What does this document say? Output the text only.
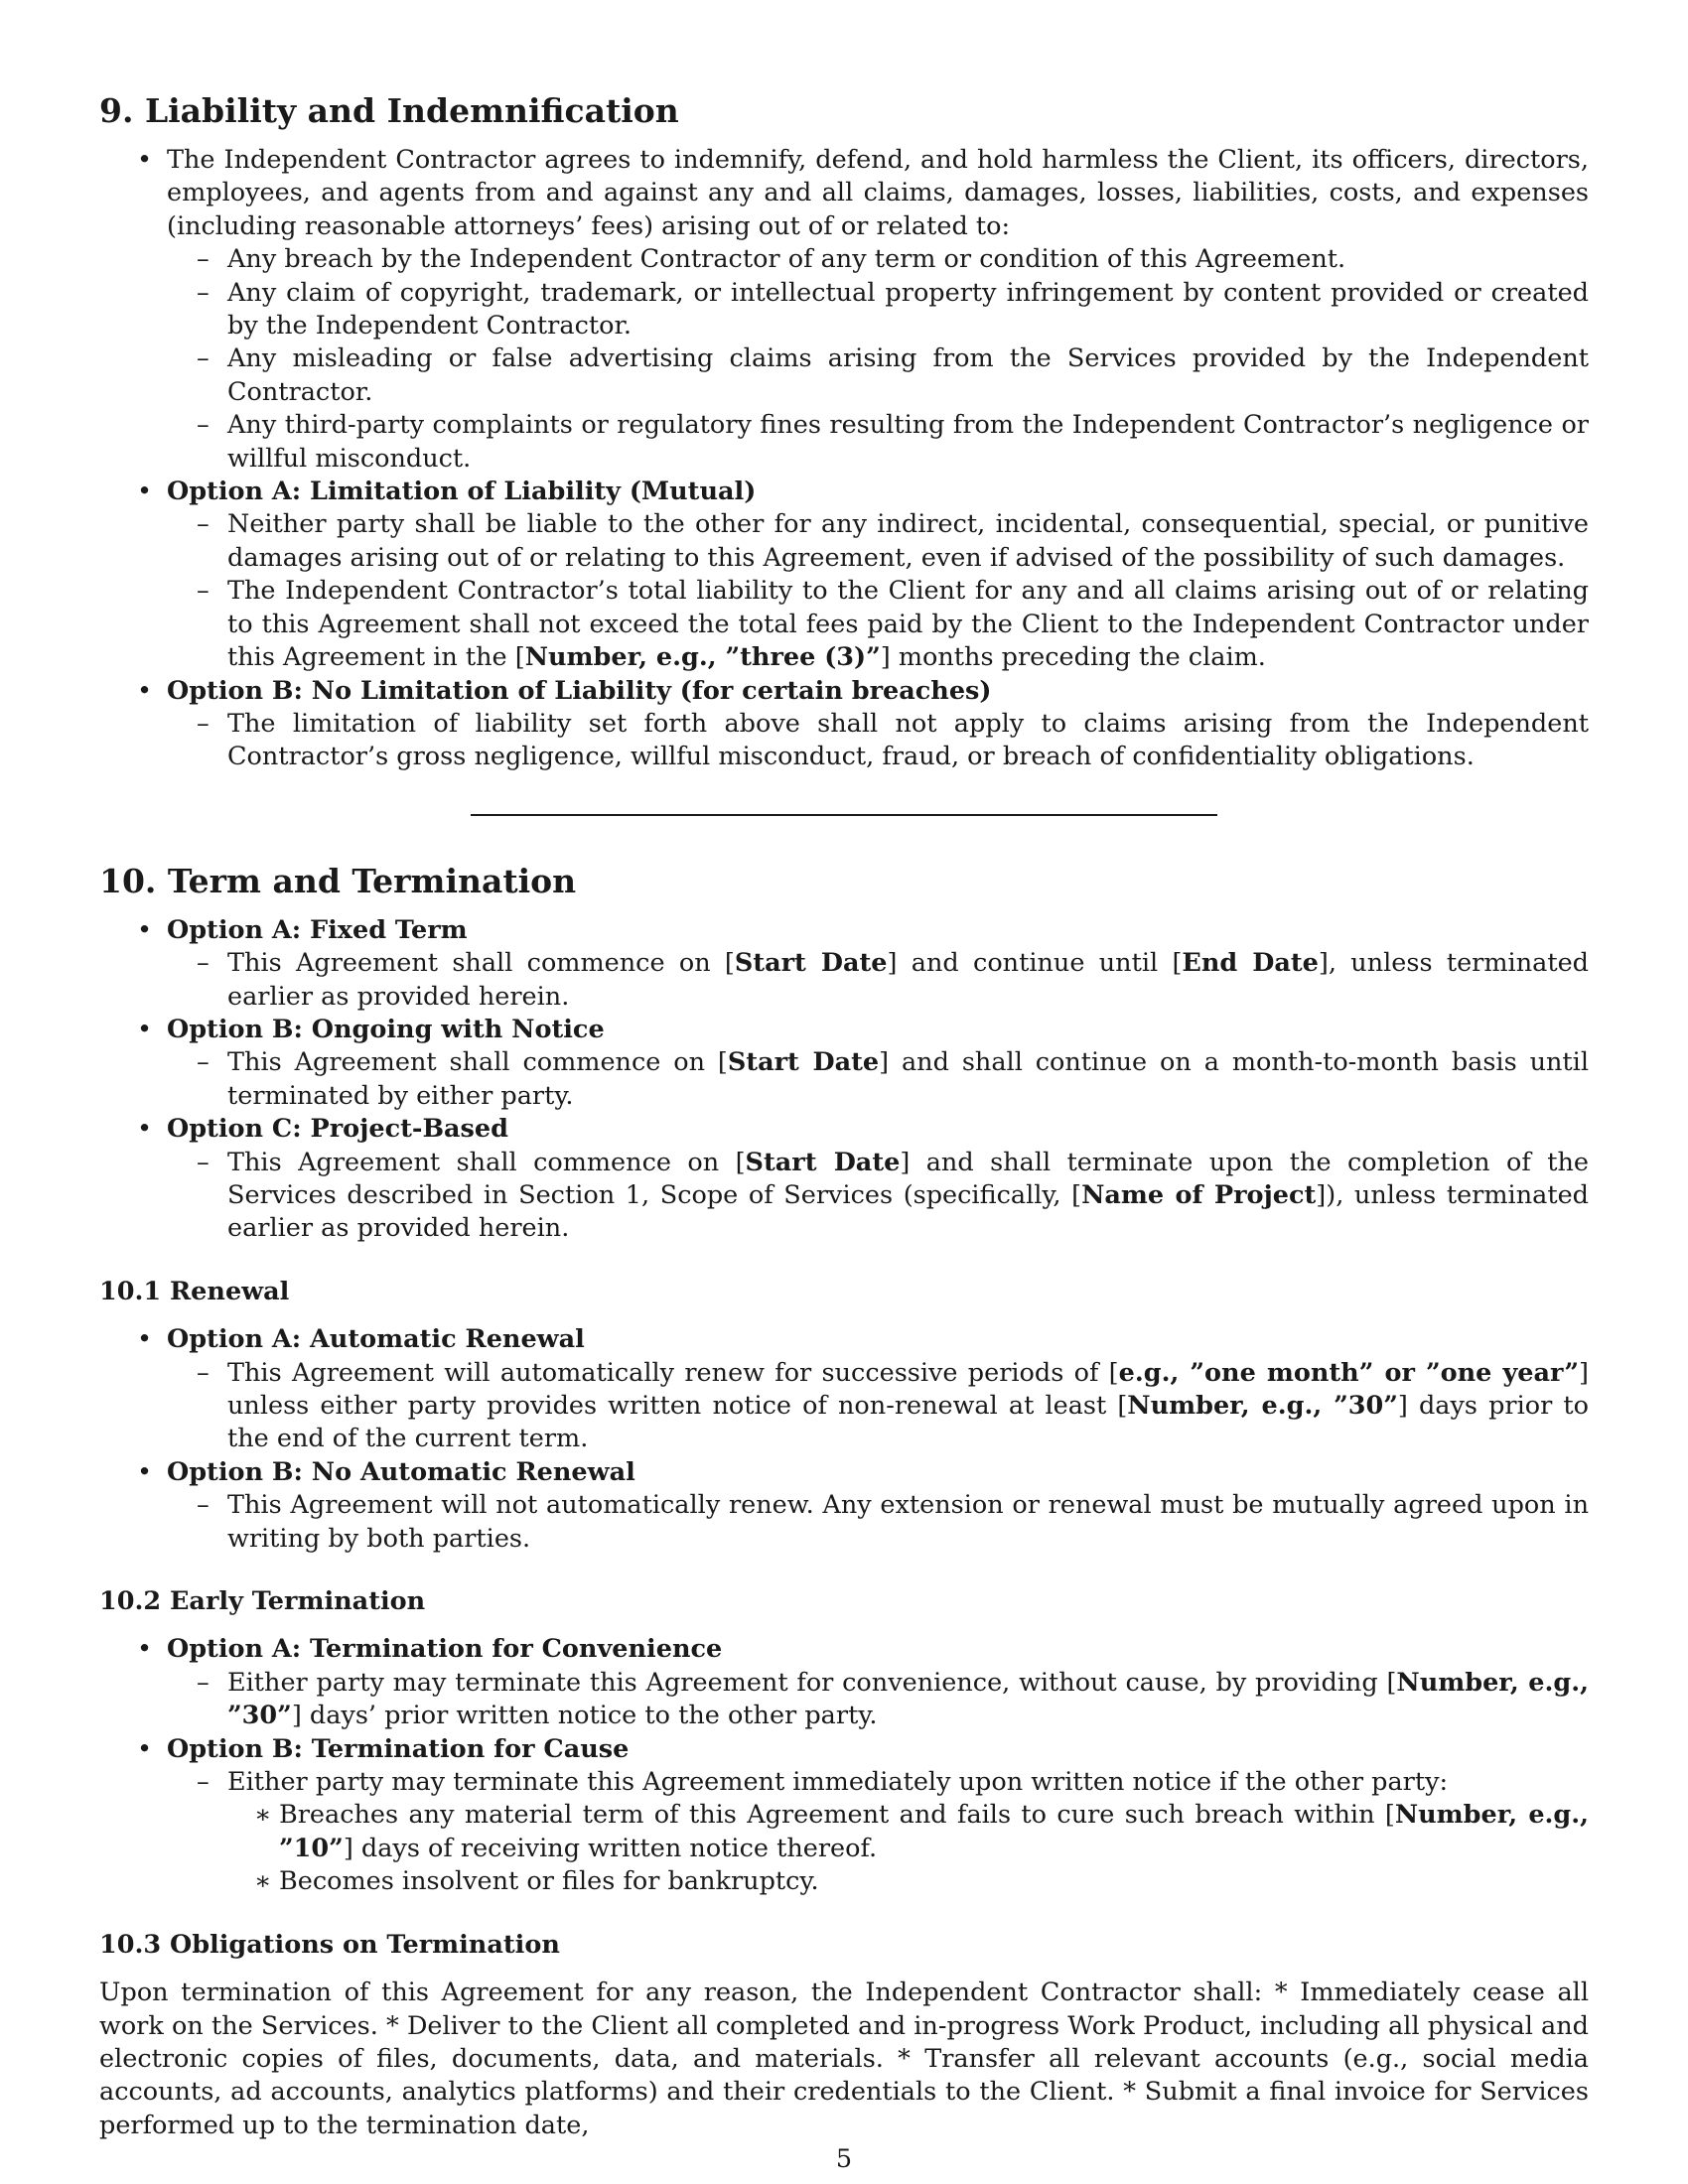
9. Liability and Indemnification
• The Independent Contractor agrees to indemnify, defend, and hold harmless the Client, its officers, directors, employees, and agents from and against any and all claims, damages, losses, liabilities, costs, and expenses (including reasonable attorneys’ fees) arising out of or related to:
– Any breach by the Independent Contractor of any term or condition of this Agreement.
– Any claim of copyright, trademark, or intellectual property infringement by content provided or created by the Independent Contractor.
– Any misleading or false advertising claims arising from the Services provided by the Independent Contractor.
– Any third-party complaints or regulatory fines resulting from the Independent Contractor’s negligence or willful misconduct.
• Option A: Limitation of Liability (Mutual)
– Neither party shall be liable to the other for any indirect, incidental, consequential, special, or punitive damages arising out of or relating to this Agreement, even if advised of the possibility of such damages.
– The Independent Contractor’s total liability to the Client for any and all claims arising out of or relating to this Agreement shall not exceed the total fees paid by the Client to the Independent Contractor under this Agreement in the [Number, e.g., ”three (3)”] months preceding the claim.
• Option B: No Limitation of Liability (for certain breaches)
– The limitation of liability set forth above shall not apply to claims arising from the Independent Contractor’s gross negligence, willful misconduct, fraud, or breach of confidentiality obligations.
10. Term and Termination
• Option A: Fixed Term
– This Agreement shall commence on [Start Date] and continue until [End Date], unless terminated earlier as provided herein.
• Option B: Ongoing with Notice
– This Agreement shall commence on [Start Date] and shall continue on a month-to-month basis until terminated by either party.
• Option C: Project-Based
– This Agreement shall commence on [Start Date] and shall terminate upon the completion of the Services described in Section 1, Scope of Services (specifically, [Name of Project]), unless terminated earlier as provided herein.
10.1 Renewal
• Option A: Automatic Renewal
– This Agreement will automatically renew for successive periods of [e.g., ”one month” or ”one year”] unless either party provides written notice of non-renewal at least [Number, e.g., ”30”] days prior to the end of the current term.
• Option B: No Automatic Renewal
– This Agreement will not automatically renew. Any extension or renewal must be mutually agreed upon in writing by both parties.
10.2 Early Termination
• Option A: Termination for Convenience
– Either party may terminate this Agreement for convenience, without cause, by providing [Number, e.g., ”30”] days’ prior written notice to the other party.
• Option B: Termination for Cause
– Either party may terminate this Agreement immediately upon written notice if the other party:
∗ Breaches any material term of this Agreement and fails to cure such breach within [Number, e.g., ”10”] days of receiving written notice thereof.
∗ Becomes insolvent or files for bankruptcy.
10.3 Obligations on Termination

Upon termination of this Agreement for any reason, the Independent Contractor shall: * Immediately cease all work on the Services. * Deliver to the Client all completed and in-progress Work Product, including all physical and electronic copies of files, documents, data, and materials. * Transfer all relevant accounts (e.g., social media accounts, ad accounts, analytics platforms) and their credentials to the Client. * Submit a final invoice for Services performed up to the termination date,

5
